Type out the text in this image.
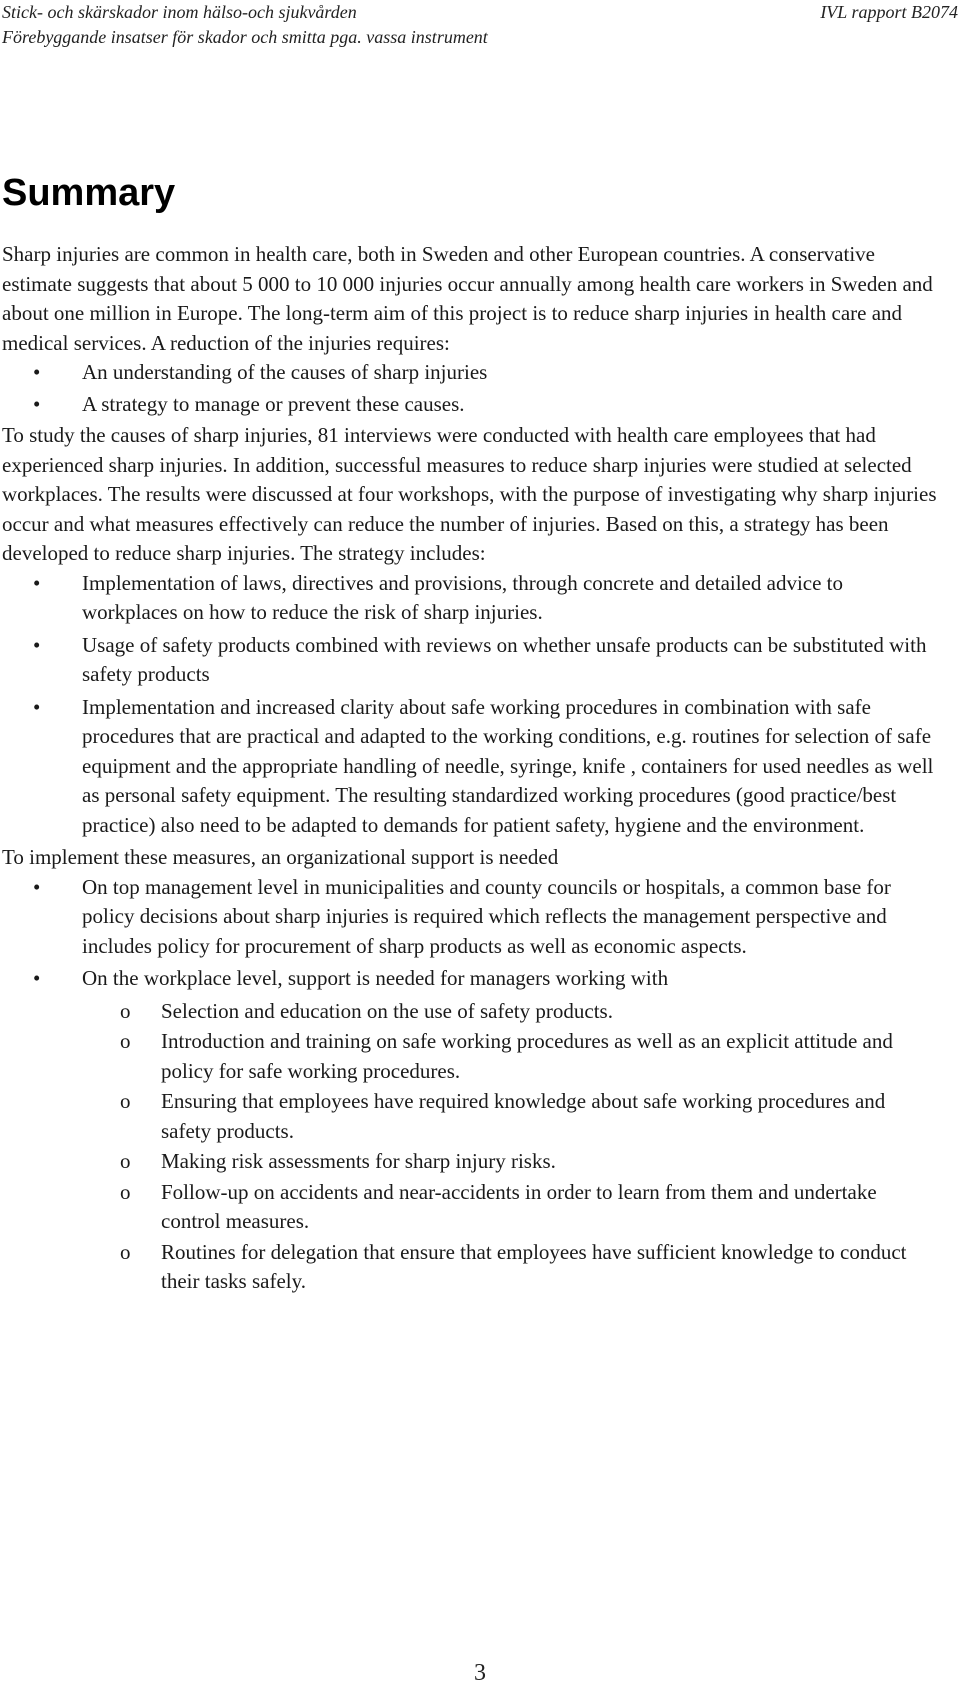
Stick- och skärskador inom hälso-och sjukvården	IVL rapport B2074
Förebyggande insatser för skador och smitta pga. vassa instrument
Summary

Sharp injuries are common in health care, both in Sweden and other European countries. A conservative estimate suggests that about 5 000 to 10 000 injuries occur annually among health care workers in Sweden and about one million in Europe. The long-term aim of this project is to reduce sharp injuries in health care and medical services. A reduction of the injuries requires:

• An understanding of the causes of sharp injuries
• A strategy to manage or prevent these causes.

To study the causes of sharp injuries, 81 interviews were conducted with health care employees that had experienced sharp injuries. In addition, successful measures to reduce sharp injuries were studied at selected workplaces. The results were discussed at four workshops, with the purpose of investigating why sharp injuries occur and what measures effectively can reduce the number of injuries. Based on this, a strategy has been developed to reduce sharp injuries. The strategy includes:

• Implementation of laws, directives and provisions, through concrete and detailed advice to workplaces on how to reduce the risk of sharp injuries.
• Usage of safety products combined with reviews on whether unsafe products can be substituted with safety products
• Implementation and increased clarity about safe working procedures in combination with safe procedures that are practical and adapted to the working conditions, e.g. routines for selection of safe equipment and the appropriate handling of needle, syringe, knife , containers for used needles as well as personal safety equipment. The resulting standardized working procedures (good practice/best practice) also need to be adapted to demands for patient safety, hygiene and the environment.

To implement these measures, an organizational support is needed

• On top management level in municipalities and county councils or hospitals, a common base for policy decisions about sharp injuries is required which reflects the management perspective and includes policy for procurement of sharp products as well as economic aspects.
• On the workplace level, support is needed for managers working with
o Selection and education on the use of safety products.
o Introduction and training on safe working procedures as well as an explicit attitude and policy for safe working procedures.
o Ensuring that employees have required knowledge about safe working procedures and safety products.
o Making risk assessments for sharp injury risks.
o Follow-up on accidents and near-accidents in order to learn from them and undertake control measures.
o Routines for delegation that ensure that employees have sufficient knowledge to conduct their tasks safely.
3
